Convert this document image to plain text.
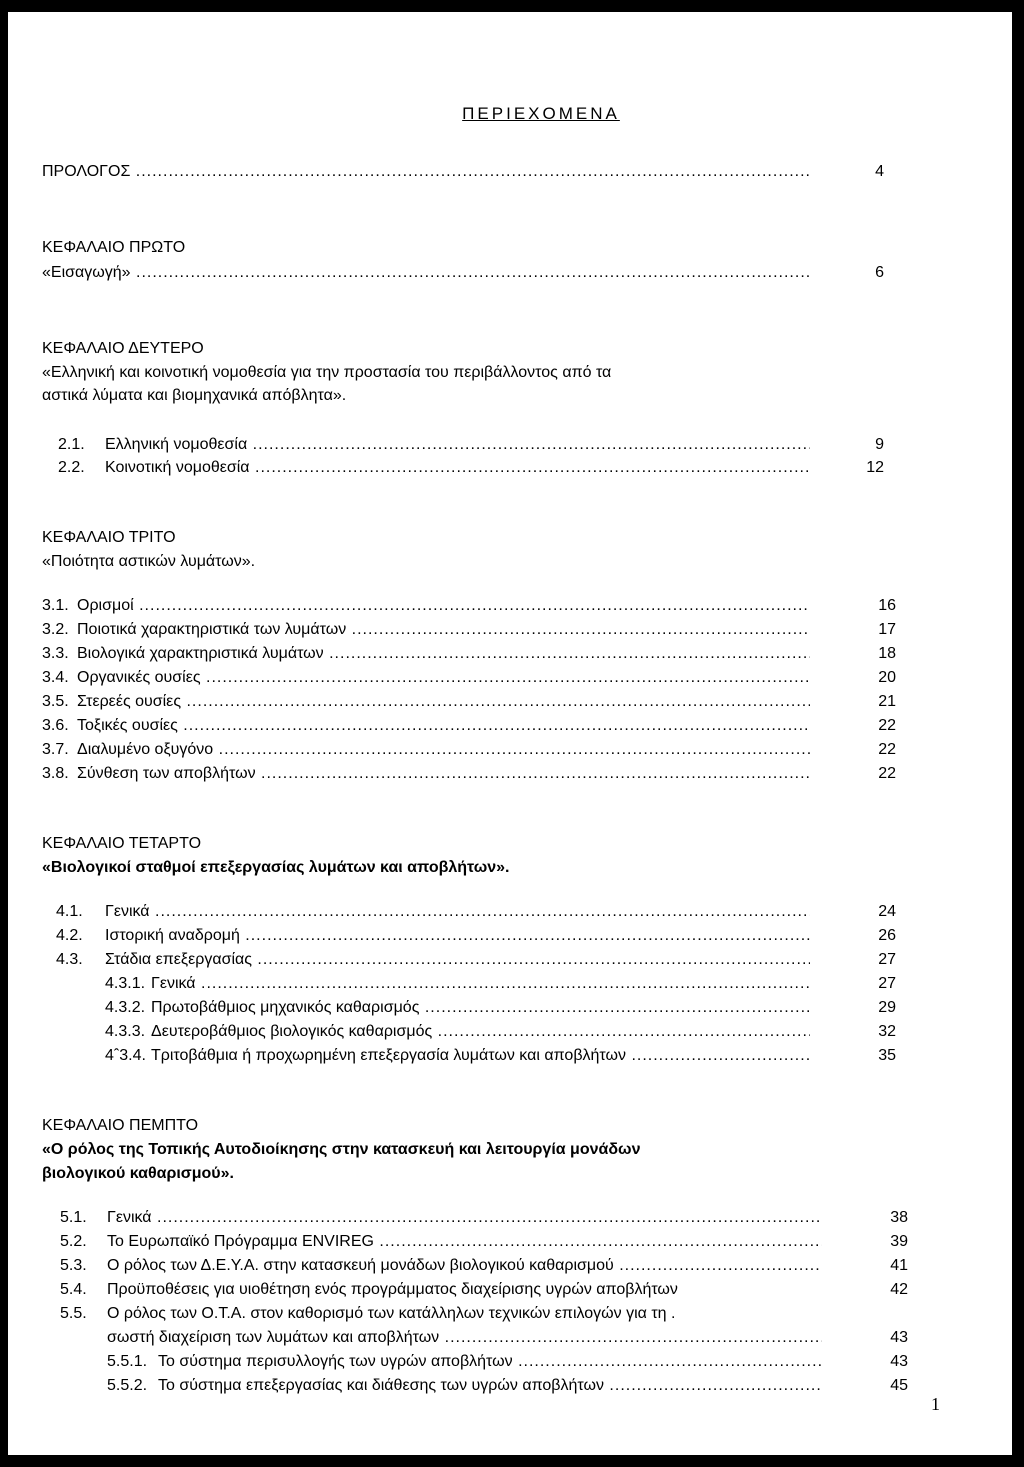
ΠΕΡΙΕΧΟΜΕΝΑ
ΠΡΟΛΟΓΟΣ .....	4
ΚΕΦΑΛΑΙΟ ΠΡΩΤΟ
«Εισαγωγή» .....	6
ΚΕΦΑΛΑΙΟ ΔΕΥΤΕΡΟ
«Ελληνική και κοινοτική νομοθεσία για την προστασία του περιβάλλοντος από τα
αστικά λύματα και βιομηχανικά απόβλητα».
2.1. Ελληνική νομοθεσία .....	9
2.2. Κοινοτική νομοθεσία .....	12
ΚΕΦΑΛΑΙΟ ΤΡΙΤΟ
«Ποιότητα αστικών λυμάτων».
3.1. Ορισμοί .....	16
3.2. Ποιοτικά χαρακτηριστικά των λυμάτων .....	17
3.3. Βιολογικά χαρακτηριστικά λυμάτων .....	18
3.4. Οργανικές ουσίες .....	20
3.5. Στερεές ουσίες .....	21
3.6. Τοξικές ουσίες .....	22
3.7. Διαλυμένο οξυγόνο .....	22
3.8. Σύνθεση των αποβλήτων .....	22
ΚΕΦΑΛΑΙΟ ΤΕΤΑΡΤΟ
«Βιολογικοί σταθμοί επεξεργασίας λυμάτων και αποβλήτων».
4.1. Γενικά .....	24
4.2. Ιστορική αναδρομή .....	26
4.3. Στάδια επεξεργασίας .....	27
4.3.1. Γενικά .....	27
4.3.2. Πρωτοβάθμιος μηχανικός καθαρισμός .....	29
4.3.3. Δευτεροβάθμιος βιολογικός καθαρισμός .....	32
4ˆ3.4. Τριτοβάθμια ή προχωρημένη επεξεργασία λυμάτων και αποβλήτων .....	35
ΚΕΦΑΛΑΙΟ ΠΕΜΠΤΟ
«Ο ρόλος της Τοπικής Αυτοδιοίκησης στην κατασκευή και λειτουργία μονάδων
βιολογικού καθαρισμού».
5.1. Γενικά .....	38
5.2. Το Ευρωπαϊκό Πρόγραμμα ENVIREG .....	39
5.3. Ο ρόλος των Δ.Ε.Υ.Α. στην κατασκευή μονάδων βιολογικού καθαρισμού .....	41
5.4. Προϋποθέσεις για υιοθέτηση ενός προγράμματος διαχείρισης υγρών αποβλήτων	42
5.5. Ο ρόλος των Ο.Τ.Α. στον καθορισμό των κατάλληλων τεχνικών επιλογών για τη .
σωστή διαχείριση των λυμάτων και αποβλήτων .....	43
5.5.1. Το σύστημα περισυλλογής των υγρών αποβλήτων .....	43
5.5.2. Το σύστημα επεξεργασίας και διάθεσης των υγρών αποβλήτων .....	45
1
